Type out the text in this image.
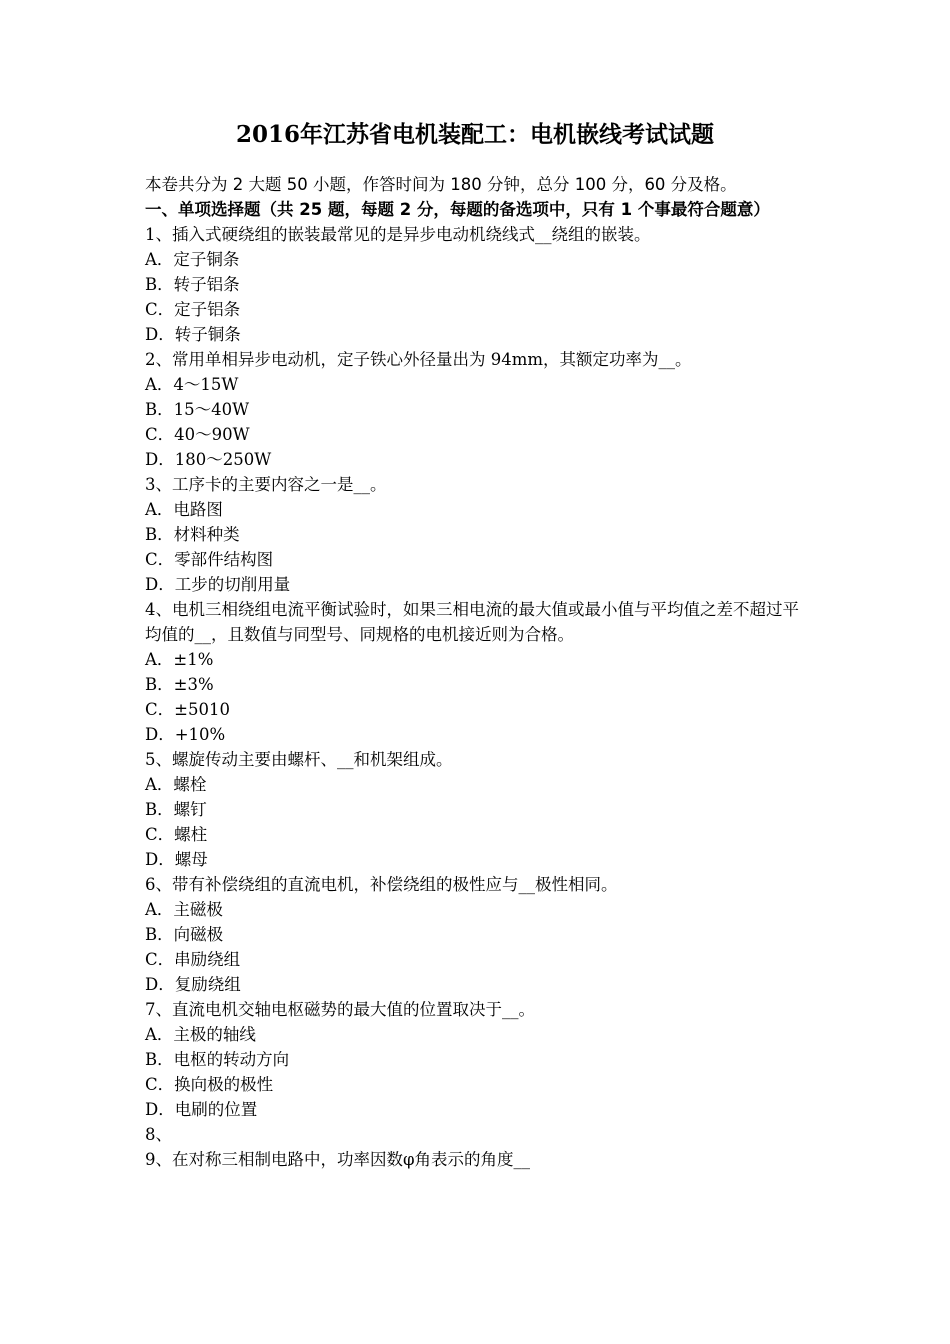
2016年江苏省电机装配工：电机嵌线考试试题
本卷共分为 2 大题 50 小题，作答时间为 180 分钟，总分 100 分，60 分及格。
一、单项选择题（共 25 题，每题 2 分，每题的备选项中，只有 1 个事最符合题意）
1、插入式硬绕组的嵌装最常见的是异步电动机绕线式__绕组的嵌装。
A．定子铜条
B．转子铝条
C．定子铝条
D．转子铜条
2、常用单相异步电动机，定子铁心外径量出为 94mm，其额定功率为__。
A．4～15W
B．15～40W
C．40～90W
D．180～250W
3、工序卡的主要内容之一是__。
A．电路图
B．材料种类
C．零部件结构图
D．工步的切削用量
4、电机三相绕组电流平衡试验时，如果三相电流的最大值或最小值与平均值之差不超过平均值的__，且数值与同型号、同规格的电机接近则为合格。
A．±1%
B．±3%
C．±5010
D．+10%
5、螺旋传动主要由螺杆、__和机架组成。
A．螺栓
B．螺钉
C．螺柱
D．螺母
6、带有补偿绕组的直流电机，补偿绕组的极性应与__极性相同。
A．主磁极
B．向磁极
C．串励绕组
D．复励绕组
7、直流电机交轴电枢磁势的最大值的位置取决于__。
A．主极的轴线
B．电枢的转动方向
C．换向极的极性
D．电刷的位置
8、
9、在对称三相制电路中，功率因数φ角表示的角度__
